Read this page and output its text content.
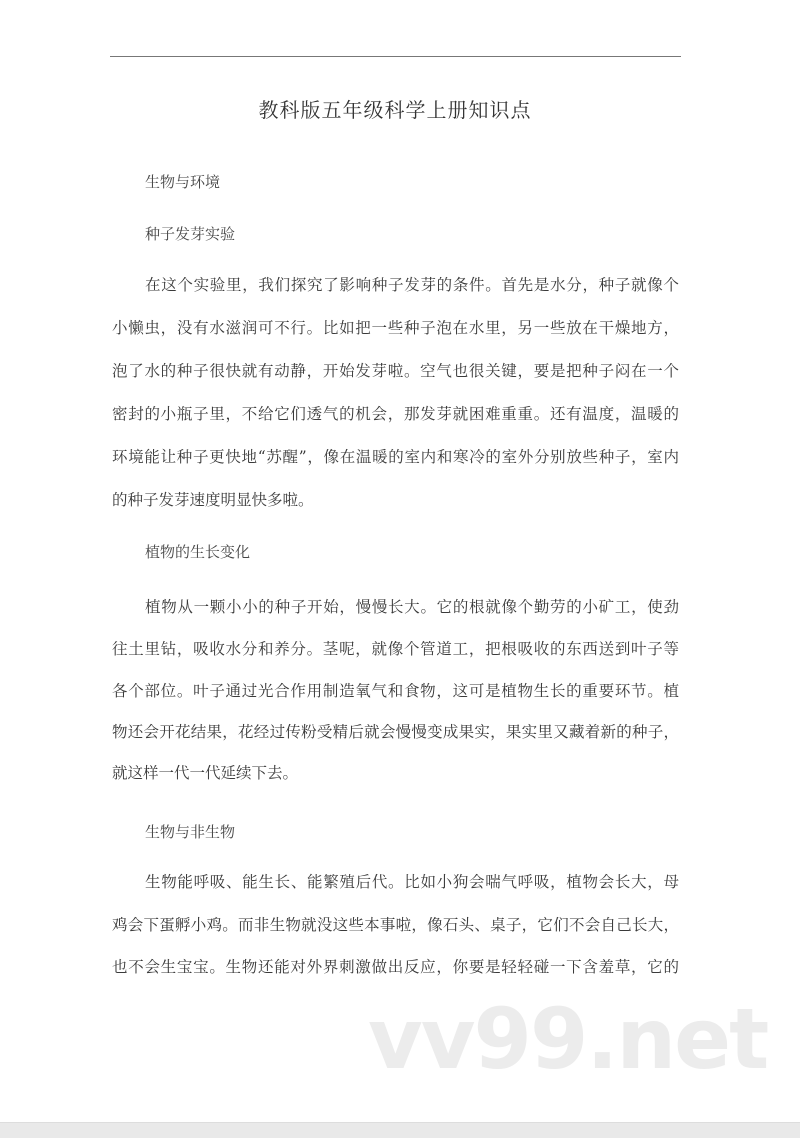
教科版五年级科学上册知识点
生物与环境
种子发芽实验
在这个实验里，我们探究了影响种子发芽的条件。首先是水分，种子就像个
小懒虫，没有水滋润可不行。比如把一些种子泡在水里，另一些放在干燥地方，
泡了水的种子很快就有动静，开始发芽啦。空气也很关键，要是把种子闷在一个
密封的小瓶子里，不给它们透气的机会，那发芽就困难重重。还有温度，温暖的
环境能让种子更快地“苏醒”，像在温暖的室内和寒冷的室外分别放些种子，室内
的种子发芽速度明显快多啦。
植物的生长变化
植物从一颗小小的种子开始，慢慢长大。它的根就像个勤劳的小矿工，使劲
往土里钻，吸收水分和养分。茎呢，就像个管道工，把根吸收的东西送到叶子等
各个部位。叶子通过光合作用制造氧气和食物，这可是植物生长的重要环节。植
物还会开花结果，花经过传粉受精后就会慢慢变成果实，果实里又藏着新的种子，
就这样一代一代延续下去。
生物与非生物
生物能呼吸、能生长、能繁殖后代。比如小狗会喘气呼吸，植物会长大，母
鸡会下蛋孵小鸡。而非生物就没这些本事啦，像石头、桌子，它们不会自己长大，
也不会生宝宝。生物还能对外界刺激做出反应，你要是轻轻碰一下含羞草，它的
vv99.net
